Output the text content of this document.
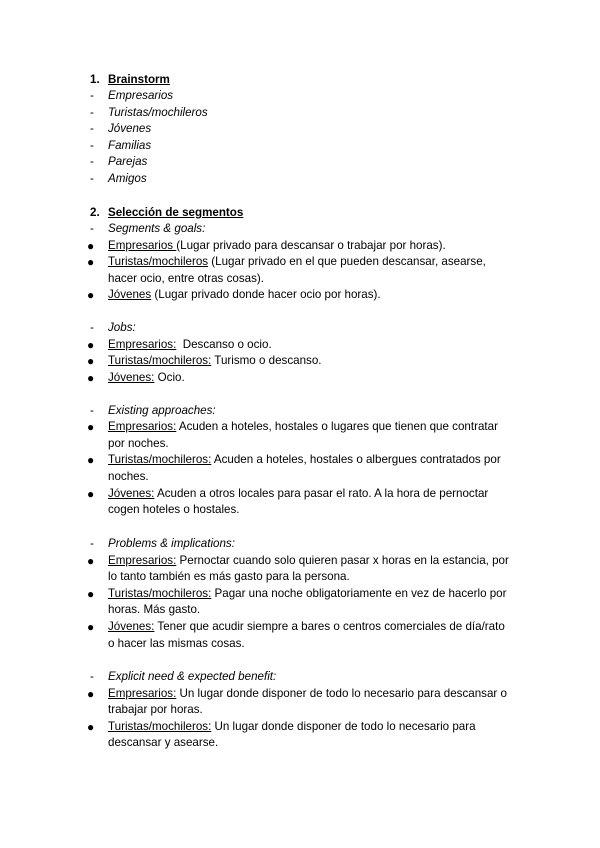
1. Brainstorm
- Empresarios
- Turistas/mochileros
- Jóvenes
- Familias
- Parejas
- Amigos
2. Selección de segmentos
- Segments & goals:
● Empresarios (Lugar privado para descansar o trabajar por horas).
● Turistas/mochileros (Lugar privado en el que pueden descansar, asearse,
hacer ocio, entre otras cosas).
● Jóvenes (Lugar privado donde hacer ocio por horas).
- Jobs:
● Empresarios:  Descanso o ocio.
● Turistas/mochileros: Turismo o descanso.
● Jóvenes: Ocio.
- Existing approaches:
● Empresarios: Acuden a hoteles, hostales o lugares que tienen que contratar
por noches.
● Turistas/mochileros: Acuden a hoteles, hostales o albergues contratados por
noches.
● Jóvenes: Acuden a otros locales para pasar el rato. A la hora de pernoctar
cogen hoteles o hostales.
- Problems & implications:
● Empresarios: Pernoctar cuando solo quieren pasar x horas en la estancia, por
lo tanto también es más gasto para la persona.
● Turistas/mochileros: Pagar una noche obligatoriamente en vez de hacerlo por
horas. Más gasto.
● Jóvenes: Tener que acudir siempre a bares o centros comerciales de día/rato
o hacer las mismas cosas.
- Explicit need & expected benefit:
● Empresarios: Un lugar donde disponer de todo lo necesario para descansar o
trabajar por horas.
● Turistas/mochileros: Un lugar donde disponer de todo lo necesario para
descansar y asearse.
